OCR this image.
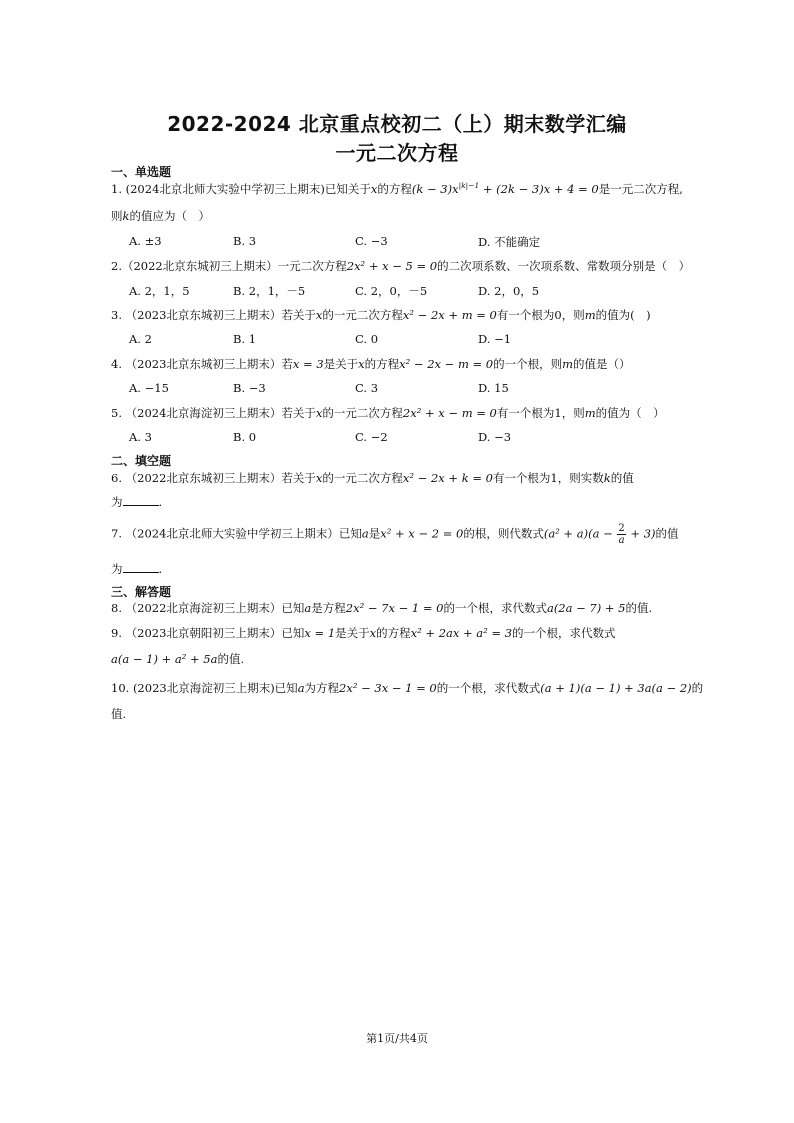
2022-2024 北京重点校初二（上）期末数学汇编
一元二次方程
一、单选题
1. (2024北京北师大实验中学初三上期末)已知关于x的方程$(k - 3)x^{|k|-1} + (2k - 3)x + 4 = 0$是一元二次方程,
则k的值应为（　）
A. ±3	B. 3	C. −3	D. 不能确定
2.（2022北京东城初三上期末）一元二次方程2x² + x − 5 = 0的二次项系数、一次项系数、常数项分别是（　）
A. 2，1，5	B. 2，1，－5	C. 2，0，－5	D. 2，0，5
3. （2023北京东城初三上期末）若关于x的一元二次方程x² − 2x + m = 0有一个根为0，则m的值为(　)
A. 2	B. 1	C. 0	D. −1
4. （2023北京东城初三上期末）若x = 3是关于x的方程x² − 2x − m = 0的一个根，则m的值是（）
A. −15	B. −3	C. 3	D. 15
5. （2024北京海淀初三上期末）若关于x的一元二次方程2x² + x − m = 0有一个根为1，则m的值为（　）
A. 3	B. 0	C. −2	D. −3
二、填空题
6. （2022北京东城初三上期末）若关于x的一元二次方程x² − 2x + k = 0有一个根为1，则实数k的值
为	.
7. （2024北京北师大实验中学初三上期末）已知a是x² + x − 2 = 0的根，则代数式$(a^2 + a)(a - \frac{2}{a} + 3)$的值
为	.
三、解答题
8. （2022北京海淀初三上期末）已知a是方程2x² − 7x − 1 = 0的一个根，求代数式a(2a − 7) + 5的值.
9. （2023北京朝阳初三上期末）已知x = 1是关于x的方程x² + 2ax + a² = 3的一个根，求代数式
a(a − 1) + a² + 5a的值.
10. (2023北京海淀初三上期末)已知a为方程2x² − 3x − 1 = 0的一个根，求代数式(a + 1)(a − 1) + 3a(a − 2)的
值.
第1页/共4页
